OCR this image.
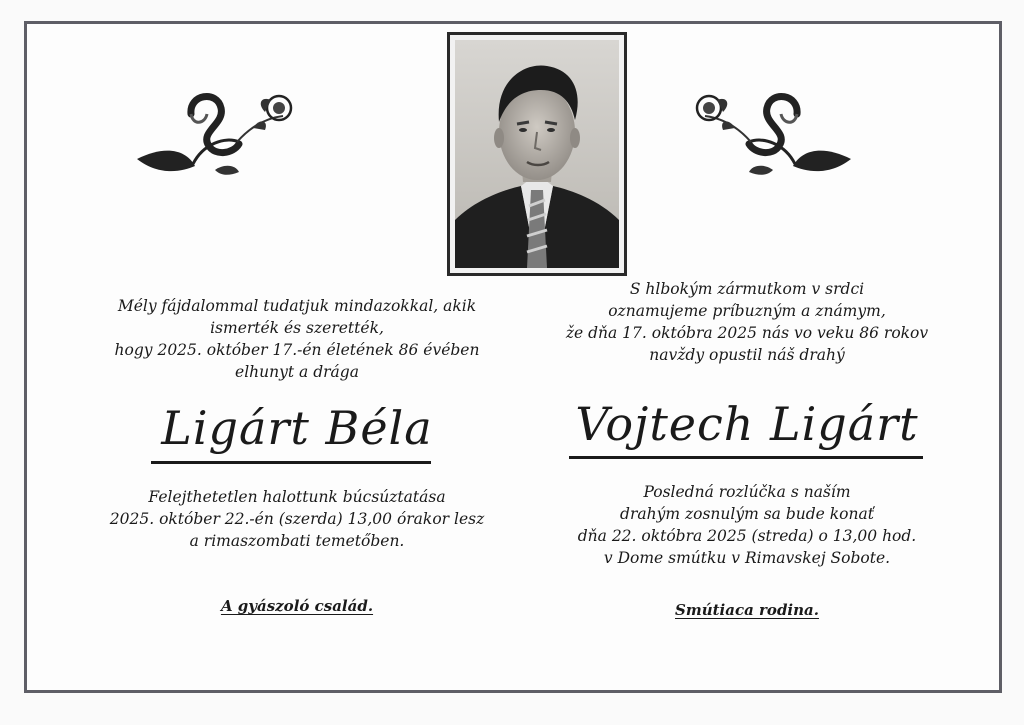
Mély fájdalommal tudatjuk mindazokkal, akik
ismerték és szerették,
hogy 2025. október 17.-én életének 86 évében
elhunyt a drága
Ligárt Béla
Felejthetetlen halottunk búcsúztatása
2025. október 22.-én (szerda) 13,00 órakor lesz
a rimaszombati temetőben.
A gyászoló család.
S hlbokým zármutkom v srdci
oznamujeme príbuzným a známym,
že dňa 17. októbra 2025 nás vo veku 86 rokov
navždy opustil náš drahý
Vojtech Ligárt
Posledná rozlúčka s naším
drahým zosnulým sa bude konať
dňa 22. októbra 2025 (streda) o 13,00 hod.
v Dome smútku v Rimavskej Sobote.
Smútiaca rodina.
